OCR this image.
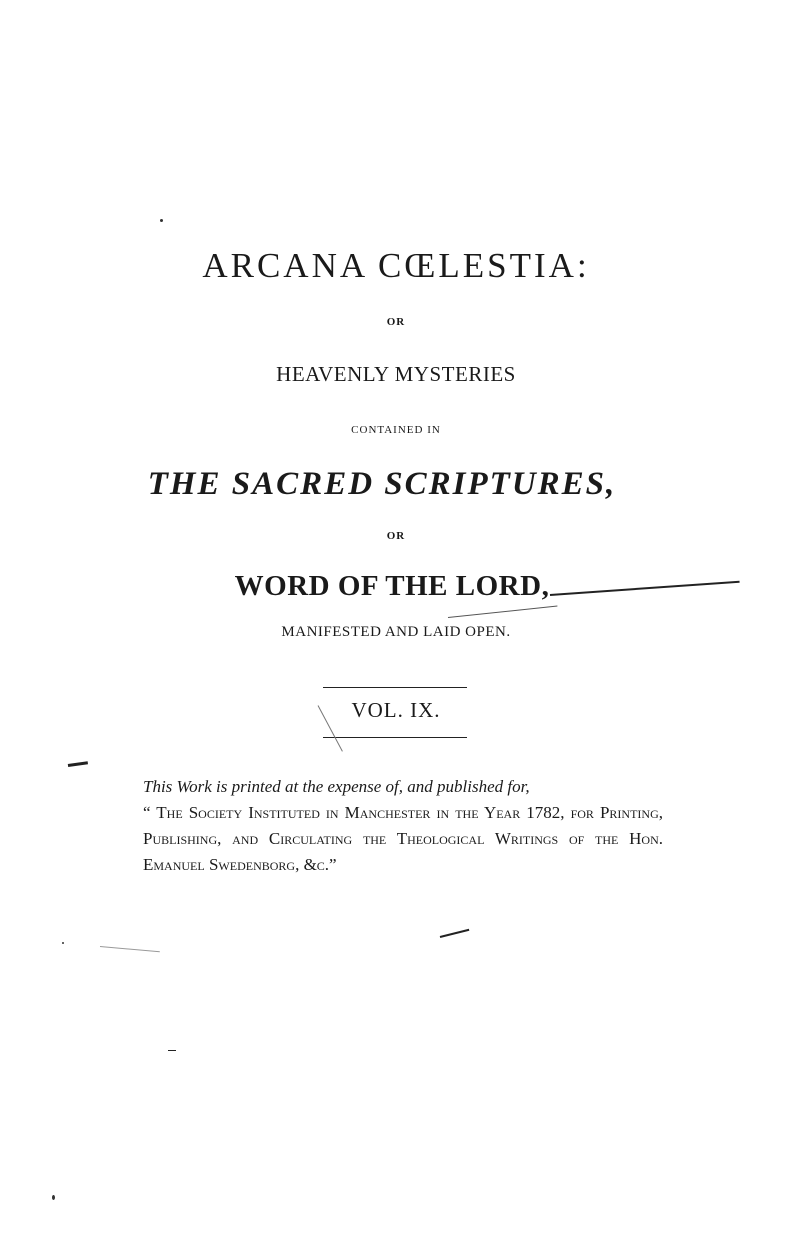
ARCANA CŒLESTIA:
OR
HEAVENLY MYSTERIES
CONTAINED IN
THE SACRED SCRIPTURES,
OR
WORD OF THE LORD,
MANIFESTED AND LAID OPEN.
VOL. IX.
This Work is printed at the expense of, and published for,
“ The Society Instituted in Manchester in the Year 1782, for Printing, Publishing, and Circulating the Theological Writings of the Hon. Emanuel Swedenborg, &c.”
